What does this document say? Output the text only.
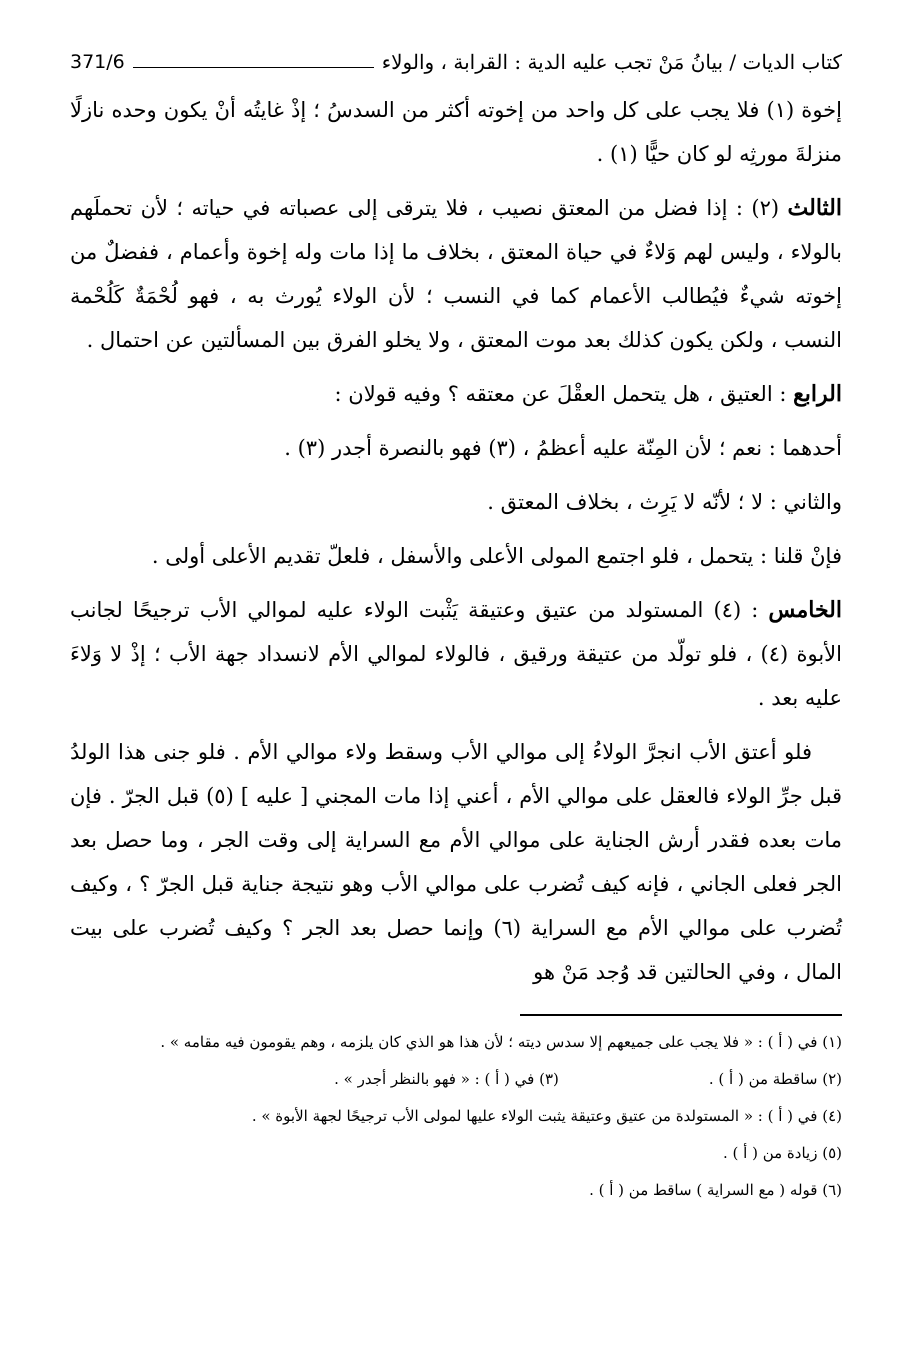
كتاب الديات / بيانُ مَنْ تجب عليه الدية : القرابة ، والولاء
371/6

إخوة (١) فلا يجب على كل واحد من إخوته أكثر من السدسُ ؛ إذْ غايتُه أنْ يكون وحده نازلًا منزلةَ مورثِه لو كان حيًّا (١) .

الثالث (٢) : إذا فضل من المعتق نصيب ، فلا يترقى إلى عصباته في حياته ؛ لأن تحملَهم بالولاء ، وليس لهم وَلاءٌ في حياة المعتق ، بخلاف ما إذا مات وله إخوة وأعمام ، ففضلٌ من إخوته شيءٌ فيُطالب الأعمام كما في النسب ؛ لأن الولاء يُورث به ، فهو لُحْمَةٌ كَلُحْمة النسب ، ولكن يكون كذلك بعد موت المعتق ، ولا يخلو الفرق بين المسألتين عن احتمال .

الرابع : العتيق ، هل يتحمل العقْلَ عن معتقه ؟ وفيه قولان :

أحدهما : نعم ؛ لأن المِنّة عليه أعظمُ ، (٣) فهو بالنصرة أجدر (٣) .

والثاني : لا ؛ لأنّه لا يَرِث ، بخلاف المعتق .

فإنْ قلنا : يتحمل ، فلو اجتمع المولى الأعلى والأسفل ، فلعلّ تقديم الأعلى أولى .

الخامس : (٤) المستولد من عتيق وعتيقة يَثْبت الولاء عليه لموالي الأب ترجيحًا لجانب الأبوة (٤) ، فلو تولّد من عتيقة ورقيق ، فالولاء لموالي الأم لانسداد جهة الأب ؛ إذْ لا وَلاءَ عليه بعد .

فلو أعتق الأب انجرَّ الولاءُ إلى موالي الأب وسقط ولاء موالي الأم . فلو جنى هذا الولدُ قبل جرِّ الولاء فالعقل على موالي الأم ، أعني إذا مات المجني [ عليه ] (٥) قبل الجرّ . فإن مات بعده فقدر أرش الجناية على موالي الأم مع السراية إلى وقت الجر ، وما حصل بعد الجر فعلى الجاني ، فإنه كيف تُضرب على موالي الأب وهو نتيجة جناية قبل الجرّ ؟ ، وكيف تُضرب على موالي الأم مع السراية (٦) وإنما حصل بعد الجر ؟ وكيف تُضرب على بيت المال ، وفي الحالتين قد وُجد مَنْ هو

(١) في ( أ ) : « فلا يجب على جميعهم إلا سدس ديته ؛ لأن هذا هو الذي كان يلزمه ، وهم يقومون فيه مقامه » .
(٢) ساقطة من ( أ ) .
(٣) في ( أ ) : « فهو بالنظر أجدر » .
(٤) في ( أ ) : « المستولدة من عتيق وعتيقة يثبت الولاء عليها لمولى الأب ترجيحًا لجهة الأبوة » .
(٥) زيادة من ( أ ) .
(٦) قوله ( مع السراية ) ساقط من ( أ ) .
